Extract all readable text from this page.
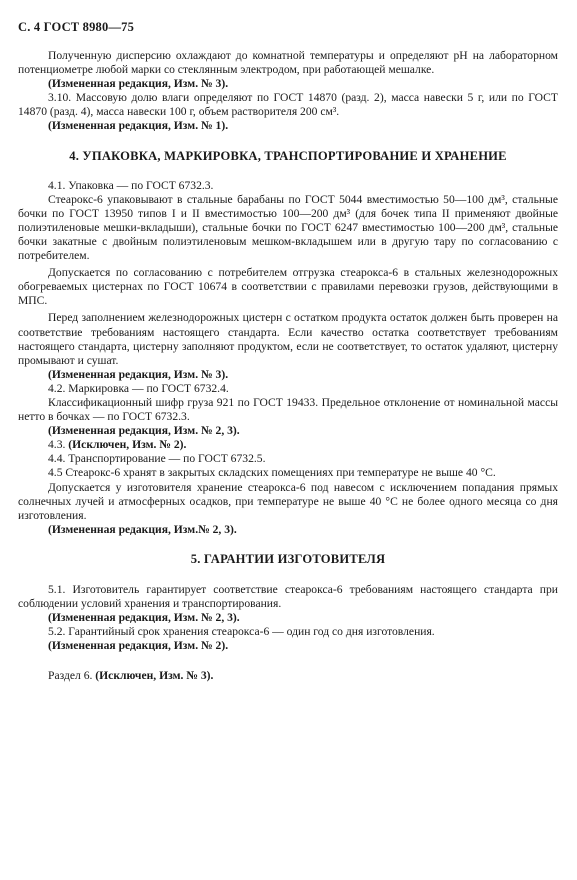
С. 4 ГОСТ 8980—75

Полученную дисперсию охлаждают до комнатной температуры и определяют pH на лабораторном потенциометре любой марки со стеклянным электродом, при работающей мешалке.

(Измененная редакция, Изм. № 3).

3.10. Массовую долю влаги определяют по ГОСТ 14870 (разд. 2), масса навески 5 г, или по ГОСТ 14870 (разд. 4), масса навески 100 г, объем растворителя 200 см³.

(Измененная редакция, Изм. № 1).

4. УПАКОВКА, МАРКИРОВКА, ТРАНСПОРТИРОВАНИЕ И ХРАНЕНИЕ

4.1. Упаковка — по ГОСТ 6732.3.

Стеарокс-6 упаковывают в стальные барабаны по ГОСТ 5044 вместимостью 50—100 дм³, стальные бочки по ГОСТ 13950 типов I и II вместимостью 100—200 дм³ (для бочек типа II применяют двойные полиэтиленовые мешки-вкладыши), стальные бочки по ГОСТ 6247 вместимостью 100—200 дм³, стальные бочки закатные с двойным полиэтиленовым мешком-вкладышем или в другую тару по согласованию с потребителем.

Допускается по согласованию с потребителем отгрузка стеарокса-6 в стальных железнодорожных обогреваемых цистернах по ГОСТ 10674 в соответствии с правилами перевозки грузов, действующими в МПС.

Перед заполнением железнодорожных цистерн с остатком продукта остаток должен быть проверен на соответствие требованиям настоящего стандарта. Если качество остатка соответствует требованиям настоящего стандарта, цистерну заполняют продуктом, если не соответствует, то остаток удаляют, цистерну промывают и сушат.

(Измененная редакция, Изм. № 3).

4.2. Маркировка — по ГОСТ 6732.4.

Классификационный шифр груза 921 по ГОСТ 19433. Предельное отклонение от номинальной массы нетто в бочках — по ГОСТ 6732.3.

(Измененная редакция, Изм. № 2, 3).

4.3. (Исключен, Изм. № 2).

4.4. Транспортирование — по ГОСТ 6732.5.

4.5 Стеарокс-6 хранят в закрытых складских помещениях при температуре не выше 40 °С.

Допускается у изготовителя хранение стеарокса-6 под навесом с исключением попадания прямых солнечных лучей и атмосферных осадков, при температуре не выше 40 °С не более одного месяца со дня изготовления.

(Измененная редакция, Изм.№ 2, 3).

5. ГАРАНТИИ ИЗГОТОВИТЕЛЯ

5.1. Изготовитель гарантирует соответствие стеарокса-6 требованиям настоящего стандарта при соблюдении условий хранения и транспортирования.

(Измененная редакция, Изм. № 2, 3).

5.2. Гарантийный срок хранения стеарокса-6 — один год со дня изготовления.

(Измененная редакция, Изм. № 2).

Раздел 6. (Исключен, Изм. № 3).
